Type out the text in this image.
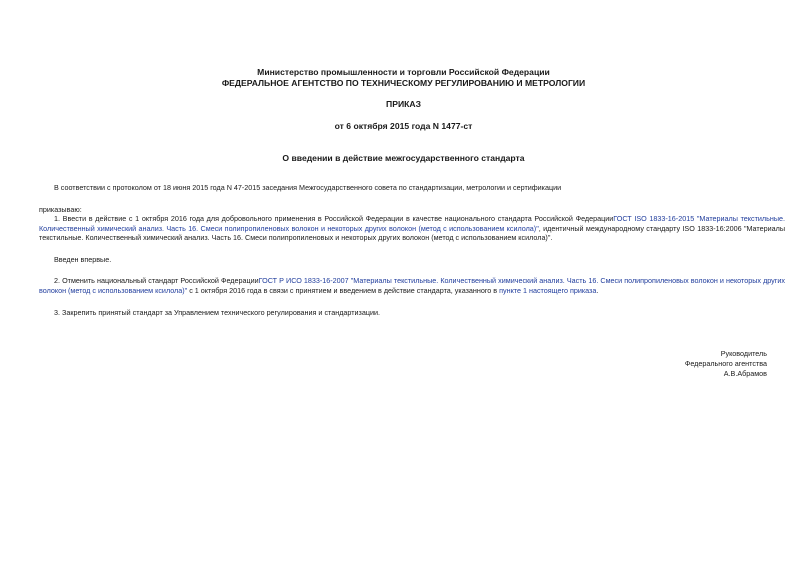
Министерство промышленности и торговли Российской Федерации
ФЕДЕРАЛЬНОЕ АГЕНТСТВО ПО ТЕХНИЧЕСКОМУ РЕГУЛИРОВАНИЮ И МЕТРОЛОГИИ
ПРИКАЗ
от 6 октября 2015 года N 1477-ст
О введении в действие межгосударственного стандарта
В соответствии с протоколом от 18 июня 2015 года N 47-2015 заседания Межгосударственного совета по стандартизации, метрологии и сертификации
приказываю:
1. Ввести в действие с 1 октября 2016 года для добровольного применения в Российской Федерации в качестве национального стандарта Российской ФедерацииГОСТ ISO 1833-16-2015 "Материалы текстильные. Количественный химический анализ. Часть 16. Смеси полипропиленовых волокон и некоторых других волокон (метод с использованием ксилола)", идентичный международному стандарту ISO 1833-16:2006 "Материалы текстильные. Количественный химический анализ. Часть 16. Смеси полипропиленовых и некоторых других волокон (метод с использованием ксилола)".
Введен впервые.
2. Отменить национальный стандарт Российской ФедерацииГОСТ Р ИСО 1833-16-2007 "Материалы текстильные. Количественный химический анализ. Часть 16. Смеси полипропиленовых волокон и некоторых других волокон (метод с использованием ксилола)" с 1 октября 2016 года в связи с принятием и введением в действие стандарта, указанного в пункте 1 настоящего приказа.
3. Закрепить принятый стандарт за Управлением технического регулирования и стандартизации.
Руководитель
Федерального агентства
А.В.Абрамов
